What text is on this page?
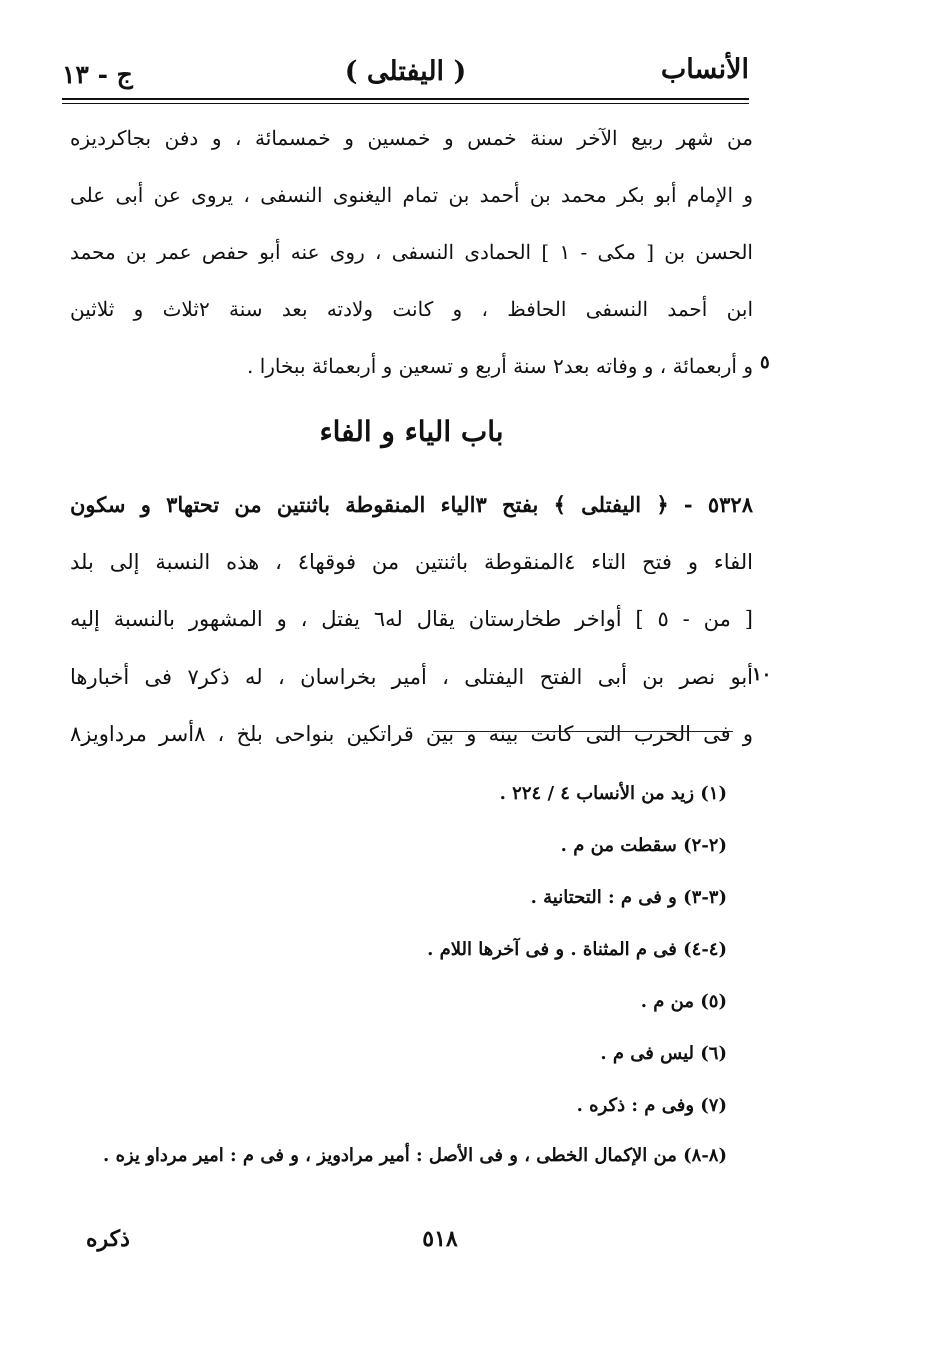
الأنساب
( اليفتلى )
ج - ١٣
من شهر ربيع الآخر سنة خمس و خمسين و خمسمائة ، و دفن بجاكرديزه
و الإمام أبو بكر محمد بن أحمد بن تمام اليغنوى النسفى ، يروى عن أبى على
الحسن بن [ مكى - ١ ] الحمادى النسفى ، روى عنه أبو حفص عمر بن محمد
ابن أحمد النسفى الحافظ ، و كانت ولادته بعد سنة ٢ثلاث و ثلاثين
و أربعمائة ، و وفاته بعد٢ سنة أربع و تسعين و أربعمائة ببخارا . ٥
باب الياء و الفاء
٥٣٢٨ - ﴿ اليفتلى ﴾ بفتح ٣الياء المنقوطة باثنتين من تحتها٣ و سكون
الفاء و فتح التاء ٤المنقوطة باثنتين من فوقها٤ ، هذه النسبة إلى بلد
[ من - ٥ ] أواخر طخارستان يقال له٦ يفتل ، و المشهور بالنسبة إليه
أبو نصر بن أبى الفتح اليفتلى ، أمير بخراسان ، له ذكر٧ فى أخبارها
و فى الحرب التى كانت بينه و بين قراتكين بنواحى بلخ ، ٨أسر مرداويز٨
١٠
(١) زيد من الأنساب ٤ / ٢٢٤ .
(٢-٢) سقطت من م .
(٣-٣) و فى م : التحتانية .
(٤-٤) فى م المثناة . و فى آخرها اللام .
(٥) من م .
(٦) ليس فى م .
(٧) وفى م : ذكره .
(٨-٨) من الإكمال الخطى ، و فى الأصل : أمير مرادويز ، و فى م : امير مرداو يزه .
٥١٨
ذكره
